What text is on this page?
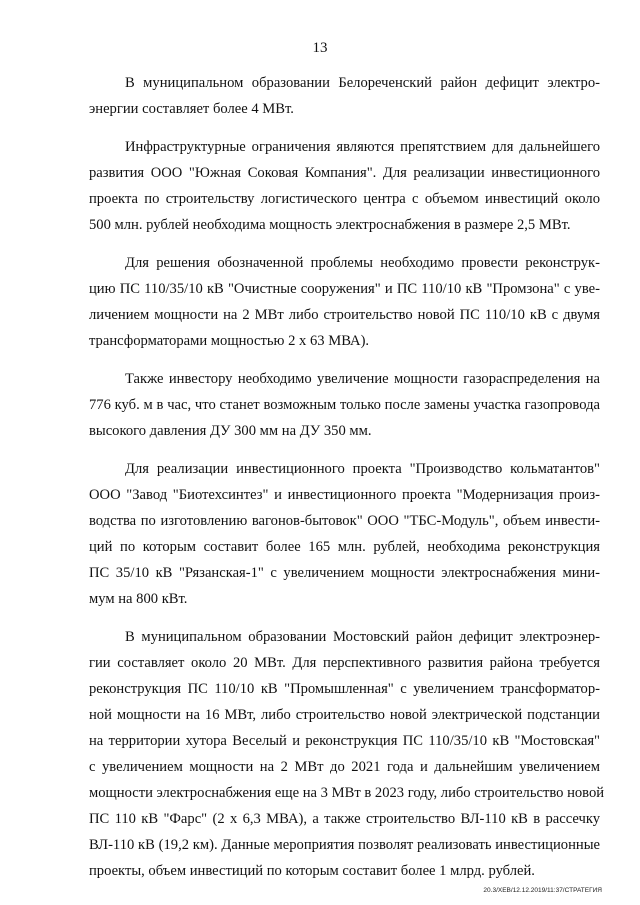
13

В муниципальном образовании Белореченский район дефицит электро-
энергии составляет более 4 МВт.

Инфраструктурные ограничения являются препятствием для дальнейшего
развития ООО "Южная Соковая Компания". Для реализации инвестиционного
проекта по строительству логистического центра с объемом инвестиций около
500 млн. рублей необходима мощность электроснабжения в размере 2,5 МВт.

Для решения обозначенной проблемы необходимо провести реконструк-
цию ПС 110/35/10 кВ "Очистные сооружения" и ПС 110/10 кВ "Промзона" с уве-
личением мощности на 2 МВт либо строительство новой ПС 110/10 кВ с двумя
трансформаторами мощностью 2 х 63 МВА).

Также инвестору необходимо увеличение мощности газораспределения на
776 куб. м в час, что станет возможным только после замены участка газопровода
высокого давления ДУ 300 мм на ДУ 350 мм.

Для реализации инвестиционного проекта "Производство кольматантов"
ООО "Завод "Биотехсинтез" и инвестиционного проекта "Модернизация произ-
водства по изготовлению вагонов-бытовок" ООО "ТБС-Модуль", объем инвести-
ций по которым составит более 165 млн. рублей, необходима реконструкция
ПС 35/10 кВ "Рязанская-1" с увеличением мощности электроснабжения мини-
мум на 800 кВт.

В муниципальном образовании Мостовский район дефицит электроэнер-
гии составляет около 20 МВт. Для перспективного развития района требуется
реконструкция ПС 110/10 кВ "Промышленная" с увеличением трансформатор-
ной мощности на 16 МВт, либо строительство новой электрической подстанции
на территории хутора Веселый и реконструкция ПС 110/35/10 кВ "Мостовская"
с увеличением мощности на 2 МВт до 2021 года и дальнейшим увеличением
мощности электроснабжения еще на 3 МВт в 2023 году, либо строительство новой
ПС 110 кВ "Фарс" (2 х 6,3 МВА), а также строительство ВЛ-110 кВ в рассечку
ВЛ-110 кВ (19,2 км). Данные мероприятия позволят реализовать инвестиционные
проекты, объем инвестиций по которым составит более 1 млрд. рублей.

20.3/ХЕВ/12.12.2019/11:37/СТРАТЕГИЯ
